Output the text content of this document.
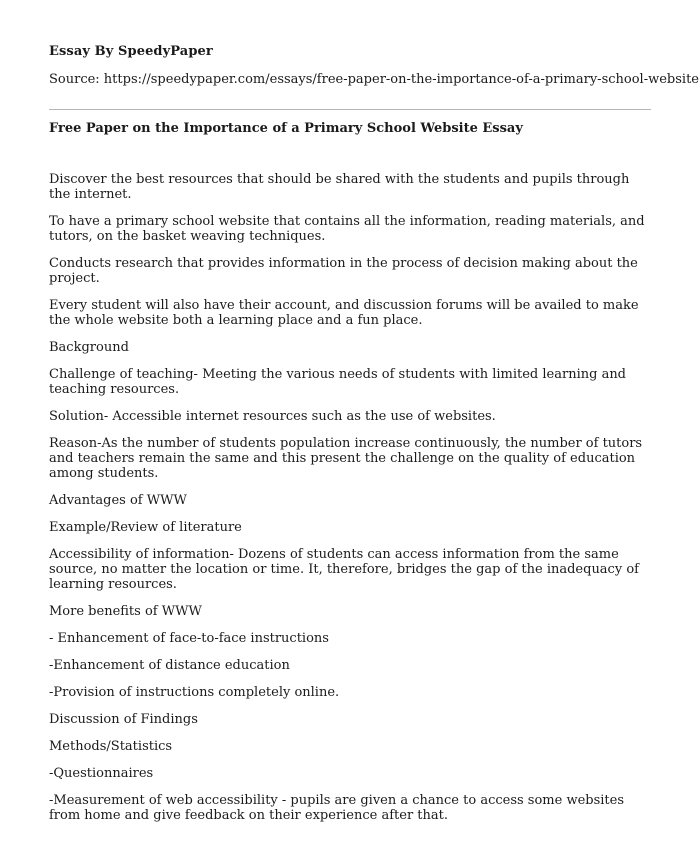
Essay By SpeedyPaper
Source: https://speedypaper.com/essays/free-paper-on-the-importance-of-a-primary-school-website
Free Paper on the Importance of a Primary School Website Essay

Discover the best resources that should be shared with the students and pupils through the internet.

To have a primary school website that contains all the information, reading materials, and tutors, on the basket weaving techniques.

Conducts research that provides information in the process of decision making about the project.

Every student will also have their account, and discussion forums will be availed to make the whole website both a learning place and a fun place.

Background

Challenge of teaching- Meeting the various needs of students with limited learning and teaching resources.

Solution- Accessible internet resources such as the use of websites.

Reason-As the number of students population increase continuously, the number of tutors and teachers remain the same and this present the challenge on the quality of education among students.

Advantages of WWW

Example/Review of literature

Accessibility of information- Dozens of students can access information from the same source, no matter the location or time. It, therefore, bridges the gap of the inadequacy of learning resources.

More benefits of WWW

- Enhancement of face-to-face instructions

-Enhancement of distance education

-Provision of instructions completely online.

Discussion of Findings

Methods/Statistics

-Questionnaires

-Measurement of web accessibility - pupils are given a chance to access some websites from home and give feedback on their experience after that.
